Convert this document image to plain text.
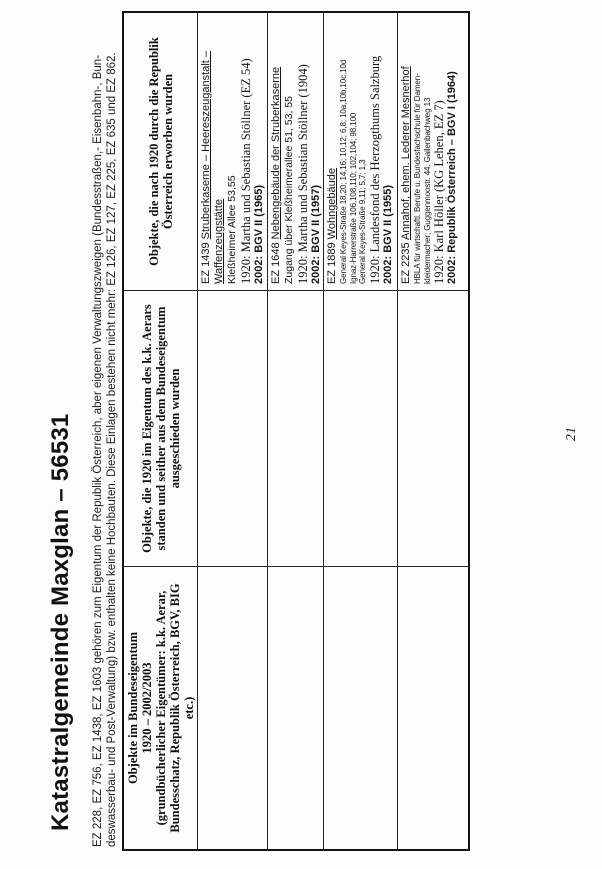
Katastralgemeinde Maxglan – 56531 EZ 228, EZ 756, EZ 1438, EZ 1603 gehören zum Eigentum der Republik Österreich, aber eigenen Verwaltungszweigen (Bundesstraßen,- Eisenbahn-, Bun- deswasserbau- und Post-Verwaltung) bzw. enthalten keine Hochbauten. Diese Einlagen bestehen nicht mehr: EZ 126, EZ 127, EZ 225, EZ 635 und EZ 862. Objekte im Bundeseigentum 1920 – 2002/2003 (grundbücherlicher Eigentümer: k.k. Aerar, Bundesschatz, Republik Österreich, BGV, BIG etc.)
Objekte, die 1920 im Eigentum des k.k. Aerars standen und seither aus dem Bundeseigentum ausgeschieden wurden
Objekte, die nach 1920 durch die Republik Österreich erworben wurden
EZ 1439 Struberkaserne – Heereszeuganstalt –
Waffenzeugstätte Kleßheimer Allee 53,55 1920: Martha und Sebastian Stöllner (EZ 54) 2002: BGV II (1965) EZ 1648 Nebengebäude der Struberkaserne Zugang über Kleßheimerallee 51, 53, 55 1920: Martha und Sebastian Stöllner (1904) 2002: BGV II (1957) EZ 1889 Wohngebäude General Keyes-Straße 18,20; 14,16; 10,12; 6,8; 10a,10b,10c,10d Ignaz-Harrerstraße 106,108,110; 102,104; 98,100 General Keyes-Straße 9,11; 5,7; 1,3 1920: Landesfond des Herzogthums Salzburg 2002: BGV II (1955) EZ 2235 Annahof, ehem. Lederer Mesnerhof HBLA für wirtschaftl. Berufe u. Bundesfachschule für Damen- kleidermacher; Guggenmoostr. 44, Gailenbachweg 13 1920: Karl Höller (KG Lehen, EZ 7) 2002: Republik Österreich – BGV I (1964)
21
